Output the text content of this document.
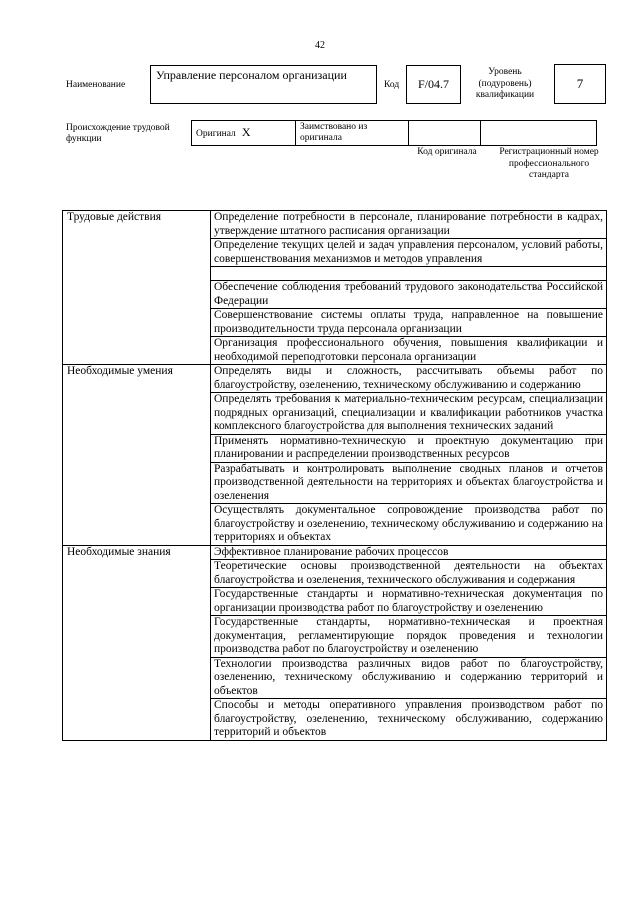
42
Наименование
Управление персоналом организации
Код	F/04.7
Уровень (подуровень) квалификации
7
Происхождение трудовой функции
Оригинал X	Заимствовано из оригинала		
Код оригинала	Регистрационный номер профессионального стандарта
Трудовые действия	Определение потребности в персонале, планирование потребности в кадрах, утверждение штатного расписания организации
	Определение текущих целей и задач управления персоналом, условий работы, совершенствования механизмов и методов управления

	Обеспечение соблюдения требований трудового законодательства Российской Федерации
	Совершенствование системы оплаты труда, направленное на повышение производительности труда персонала организации
	Организация профессионального обучения, повышения квалификации и необходимой переподготовки персонала организации
Необходимые умения	Определять виды и сложность, рассчитывать объемы работ по благоустройству, озеленению, техническому обслуживанию и содержанию
	Определять требования к материально-техническим ресурсам, специализации подрядных организаций, специализации и квалификации работников участка комплексного благоустройства для выполнения технических заданий
	Применять нормативно-техническую и проектную документацию при планировании и распределении производственных ресурсов
	Разрабатывать и контролировать выполнение сводных планов и отчетов производственной деятельности на территориях и объектах благоустройства и озеленения
	Осуществлять документальное сопровождение производства работ по благоустройству и озеленению, техническому обслуживанию и содержанию на территориях и объектах
Необходимые знания	Эффективное планирование рабочих процессов
	Теоретические основы производственной деятельности на объектах благоустройства и озеленения, технического обслуживания и содержания
	Государственные стандарты и нормативно-техническая документация по организации производства работ по благоустройству и озеленению
	Государственные стандарты, нормативно-техническая и проектная документация, регламентирующие порядок проведения и технологии производства работ по благоустройству и озеленению
	Технологии производства различных видов работ по благоустройству, озеленению, техническому обслуживанию и содержанию территорий и объектов
	Способы и методы оперативного управления производством работ по благоустройству, озеленению, техническому обслуживанию, содержанию территорий и объектов
